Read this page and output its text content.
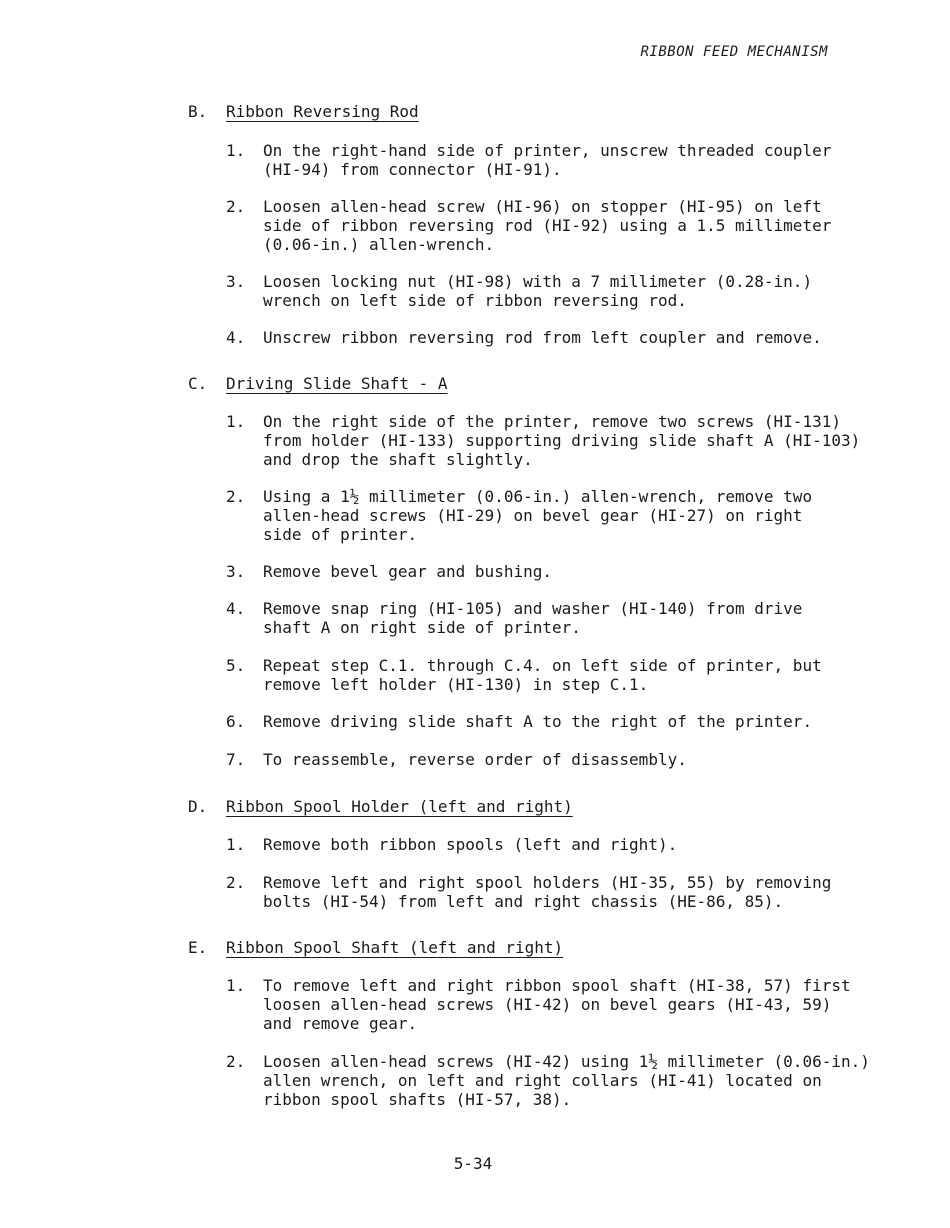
RIBBON FEED MECHANISM
B. Ribbon Reversing Rod
1. On the right-hand side of printer, unscrew threaded coupler
(HI-94) from connector (HI-91).
2. Loosen allen-head screw (HI-96) on stopper (HI-95) on left
side of ribbon reversing rod (HI-92) using a 1.5 millimeter
(0.06-in.) allen-wrench.
3. Loosen locking nut (HI-98) with a 7 millimeter (0.28-in.)
wrench on left side of ribbon reversing rod.
4. Unscrew ribbon reversing rod from left coupler and remove.
C. Driving Slide Shaft - A
1. On the right side of the printer, remove two screws (HI-131)
from holder (HI-133) supporting driving slide shaft A (HI-103)
and drop the shaft slightly.
2. Using a 1½ millimeter (0.06-in.) allen-wrench, remove two
allen-head screws (HI-29) on bevel gear (HI-27) on right
side of printer.
3. Remove bevel gear and bushing.
4. Remove snap ring (HI-105) and washer (HI-140) from drive
shaft A on right side of printer.
5. Repeat step C.1. through C.4. on left side of printer, but
remove left holder (HI-130) in step C.1.
6. Remove driving slide shaft A to the right of the printer.
7. To reassemble, reverse order of disassembly.
D. Ribbon Spool Holder (left and right)
1. Remove both ribbon spools (left and right).
2. Remove left and right spool holders (HI-35, 55) by removing
bolts (HI-54) from left and right chassis (HE-86, 85).
E. Ribbon Spool Shaft (left and right)
1. To remove left and right ribbon spool shaft (HI-38, 57) first
loosen allen-head screws (HI-42) on bevel gears (HI-43, 59)
and remove gear.
2. Loosen allen-head screws (HI-42) using 1½ millimeter (0.06-in.)
allen wrench, on left and right collars (HI-41) located on
ribbon spool shafts (HI-57, 38).
5-34
